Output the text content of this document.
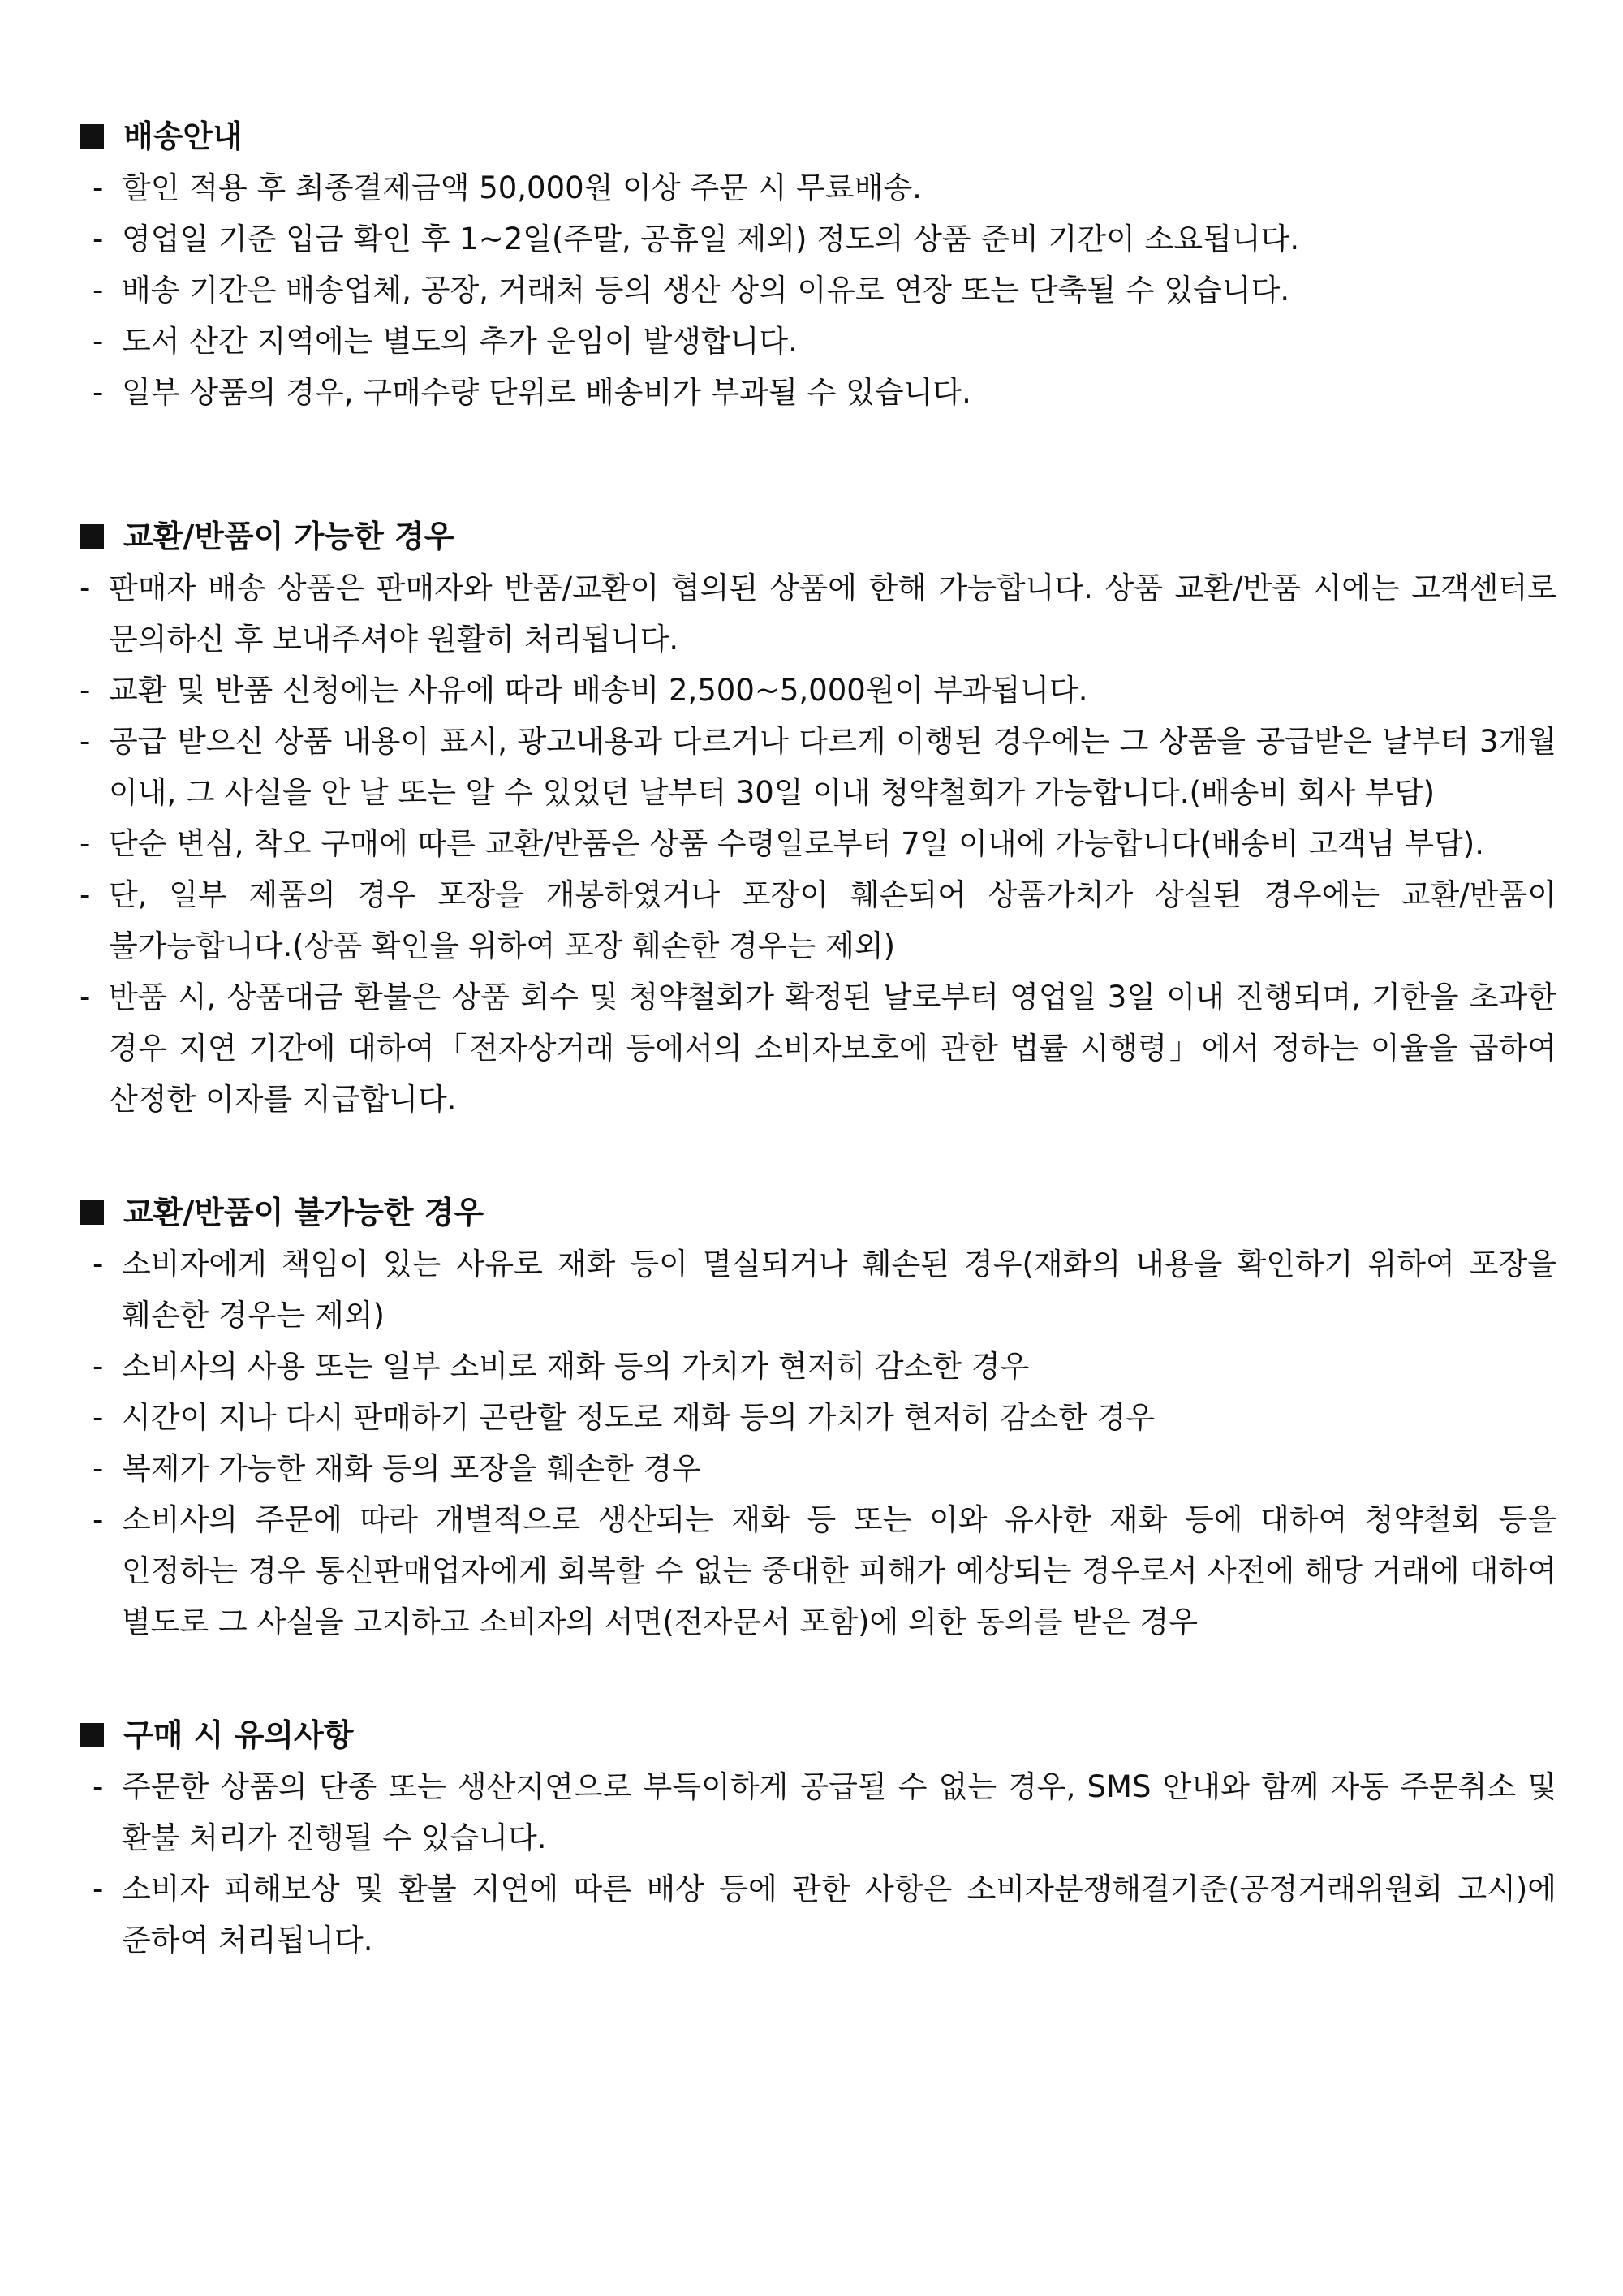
배송안내
- 할인 적용 후 최종결제금액 50,000원 이상 주문 시 무료배송.
- 영업일 기준 입금 확인 후 1~2일(주말, 공휴일 제외) 정도의 상품 준비 기간이 소요됩니다.
- 배송 기간은 배송업체, 공장, 거래처 등의 생산 상의 이유로 연장 또는 단축될 수 있습니다.
- 도서 산간 지역에는 별도의 추가 운임이 발생합니다.
- 일부 상품의 경우, 구매수량 단위로 배송비가 부과될 수 있습니다.
교환/반품이 가능한 경우
- 판매자 배송 상품은 판매자와 반품/교환이 협의된 상품에 한해 가능합니다. 상품 교환/반품 시에는 고객센터로 문의하신 후 보내주셔야 원활히 처리됩니다.
- 교환 및 반품 신청에는 사유에 따라 배송비 2,500~5,000원이 부과됩니다.
- 공급 받으신 상품 내용이 표시, 광고내용과 다르거나 다르게 이행된 경우에는 그 상품을 공급받은 날부터 3개월 이내, 그 사실을 안 날 또는 알 수 있었던 날부터 30일 이내 청약철회가 가능합니다.(배송비 회사 부담)
- 단순 변심, 착오 구매에 따른 교환/반품은 상품 수령일로부터 7일 이내에 가능합니다(배송비 고객님 부담).
- 단, 일부 제품의 경우 포장을 개봉하였거나 포장이 훼손되어 상품가치가 상실된 경우에는 교환/반품이 불가능합니다.(상품 확인을 위하여 포장 훼손한 경우는 제외)
- 반품 시, 상품대금 환불은 상품 회수 및 청약철회가 확정된 날로부터 영업일 3일 이내 진행되며, 기한을 초과한 경우 지연 기간에 대하여「전자상거래 등에서의 소비자보호에 관한 법률 시행령」에서 정하는 이율을 곱하여 산정한 이자를 지급합니다.
교환/반품이 불가능한 경우
- 소비자에게 책임이 있는 사유로 재화 등이 멸실되거나 훼손된 경우(재화의 내용을 확인하기 위하여 포장을 훼손한 경우는 제외)
- 소비사의 사용 또는 일부 소비로 재화 등의 가치가 현저히 감소한 경우
- 시간이 지나 다시 판매하기 곤란할 정도로 재화 등의 가치가 현저히 감소한 경우
- 복제가 가능한 재화 등의 포장을 훼손한 경우
- 소비사의 주문에 따라 개별적으로 생산되는 재화 등 또는 이와 유사한 재화 등에 대하여 청약철회 등을 인정하는 경우 통신판매업자에게 회복할 수 없는 중대한 피해가 예상되는 경우로서 사전에 해당 거래에 대하여 별도로 그 사실을 고지하고 소비자의 서면(전자문서 포함)에 의한 동의를 받은 경우
구매 시 유의사항
- 주문한 상품의 단종 또는 생산지연으로 부득이하게 공급될 수 없는 경우, SMS 안내와 함께 자동 주문취소 및 환불 처리가 진행될 수 있습니다.
- 소비자 피해보상 및 환불 지연에 따른 배상 등에 관한 사항은 소비자분쟁해결기준(공정거래위원회 고시)에 준하여 처리됩니다.
